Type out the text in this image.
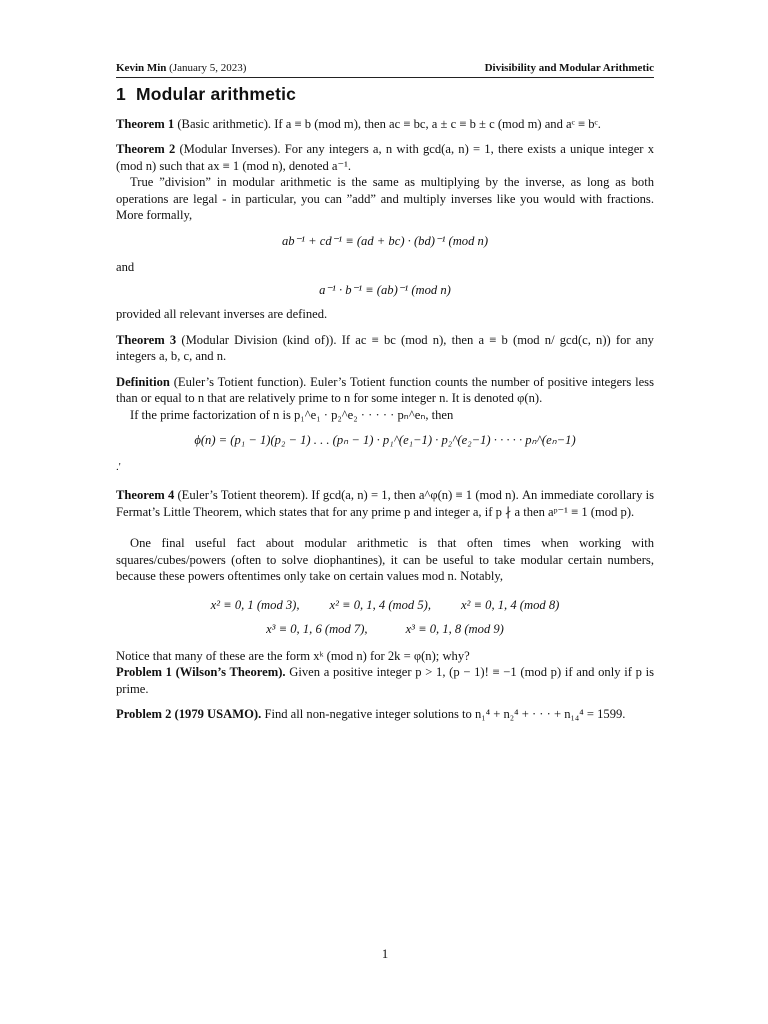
Kevin Min (January 5, 2023)	Divisibility and Modular Arithmetic
1 Modular arithmetic

Theorem 1 (Basic arithmetic). If a ≡ b (mod m), then ac ≡ bc, a ± c ≡ b ± c (mod m) and aᶜ ≡ bᶜ.

Theorem 2 (Modular Inverses). For any integers a, n with gcd(a, n) = 1, there exists a unique integer x (mod n) such that ax ≡ 1 (mod n), denoted a⁻¹.

True ”division” in modular arithmetic is the same as multiplying by the inverse, as long as both operations are legal - in particular, you can ”add” and multiply inverses like you would with fractions. More formally,

ab⁻¹ + cd⁻¹ ≡ (ad + bc) · (bd)⁻¹ (mod n)

and

a⁻¹ · b⁻¹ ≡ (ab)⁻¹ (mod n)

provided all relevant inverses are defined.

Theorem 3 (Modular Division (kind of)). If ac ≡ bc (mod n), then a ≡ b (mod n/ gcd(c, n)) for any integers a, b, c, and n.

Definition (Euler’s Totient function). Euler’s Totient function counts the number of positive integers less than or equal to n that are relatively prime to n for some integer n. It is denoted φ(n).

If the prime factorization of n is p₁^e₁ · p₂^e₂ · · · · · pₙ^eₙ, then

ϕ(n) = (p₁ − 1)(p₂ − 1) . . . (pₙ − 1) · p₁^(e₁−1) · p₂^(e₂−1) · · · · · pₙ^(eₙ−1)

.'

Theorem 4 (Euler’s Totient theorem). If gcd(a, n) = 1, then a^φ(n) ≡ 1 (mod n). An immediate corollary is Fermat’s Little Theorem, which states that for any prime p and integer a, if p ∤ a then aᵖ⁻¹ ≡ 1 (mod p).

One final useful fact about modular arithmetic is that often times when working with squares/cubes/powers (often to solve diophantines), it can be useful to take modular certain numbers, because these powers oftentimes only take on certain values mod n. Notably,

x² ≡ 0, 1 (mod 3), x² ≡ 0, 1, 4 (mod 5), x² ≡ 0, 1, 4 (mod 8)
x³ ≡ 0, 1, 6 (mod 7),	x³ ≡ 0, 1, 8 (mod 9)

Notice that many of these are the form xᵏ (mod n) for 2k = φ(n); why?

Problem 1 (Wilson’s Theorem). Given a positive integer p > 1, (p − 1)! ≡ −1 (mod p) if and only if p is prime.

Problem 2 (1979 USAMO). Find all non-negative integer solutions to n₁⁴ + n₂⁴ + · · · + n₁₄⁴ = 1599.

1
